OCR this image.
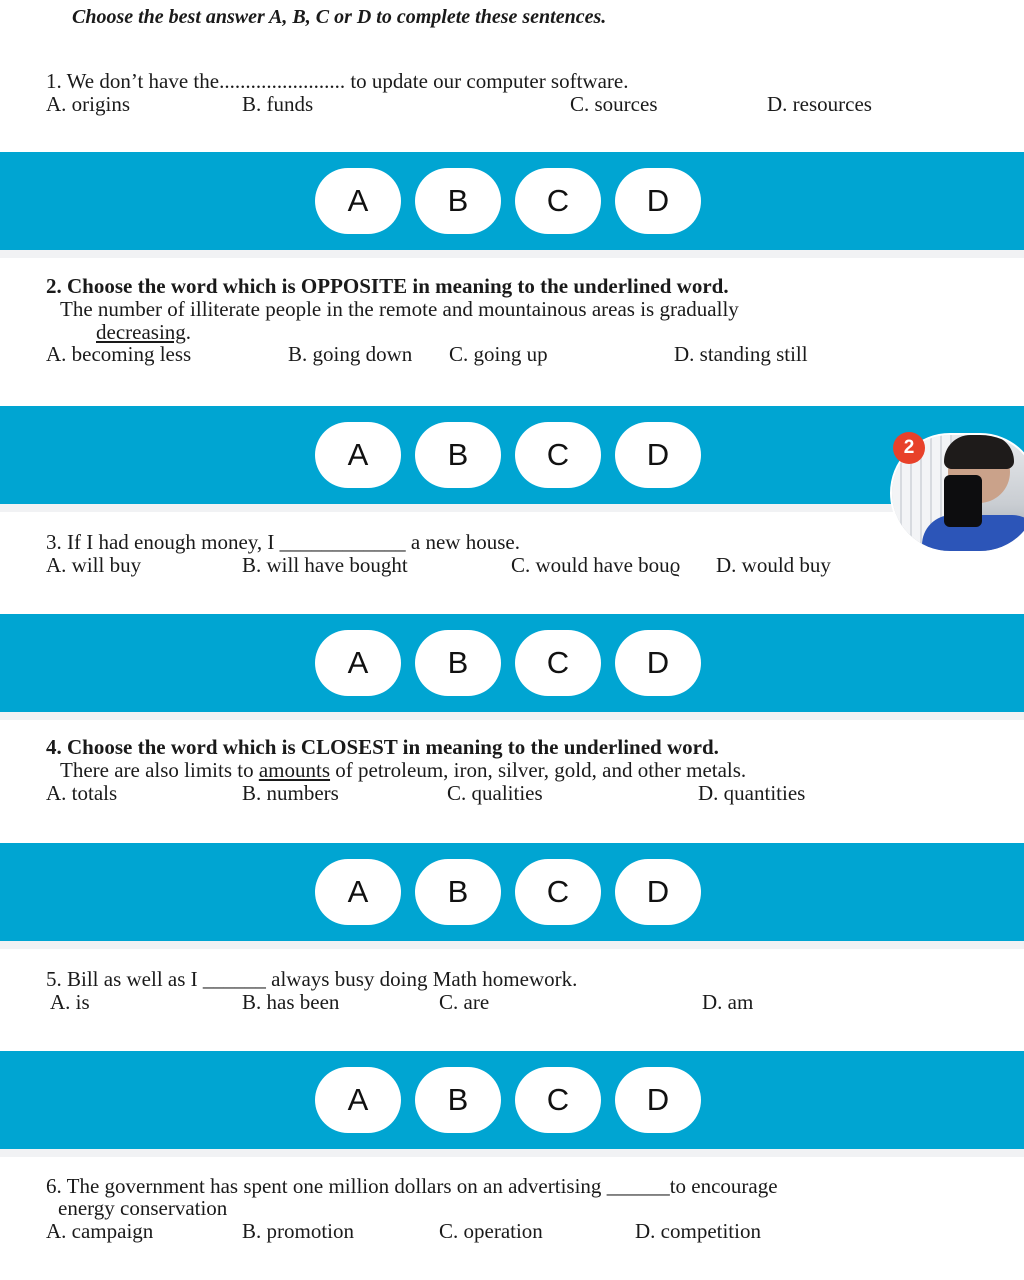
Choose the best answer A, B, C or D to complete these sentences.
1. We don’t have the........................ to update our computer software.
A. origins	B. funds	C. sources	D. resources
A	B	C	D
2. Choose the word which is OPPOSITE in meaning to the underlined word.
The number of illiterate people in the remote and mountainous areas is gradually
decreasing.
A. becoming less	B. going down C. going up	D. standing still
A	B	C	D	2
3. If I had enough money, I ____________ a new house.
A. will buy	B. will have bought	C. would have bouϱ D. would buy
A	B	C	D
4. Choose the word which is CLOSEST in meaning to the underlined word.
There are also limits to amounts of petroleum, iron, silver, gold, and other metals.
A. totals	B. numbers	C. qualities	D. quantities
A	B	C	D
5. Bill as well as I ______ always busy doing Math homework.
A. is	B. has been	C. are	D. am
A	B	C	D
6. The government has spent one million dollars on an advertising ______to encourage
energy conservation
A. campaign	B. promotion	C. operation	D. competition
